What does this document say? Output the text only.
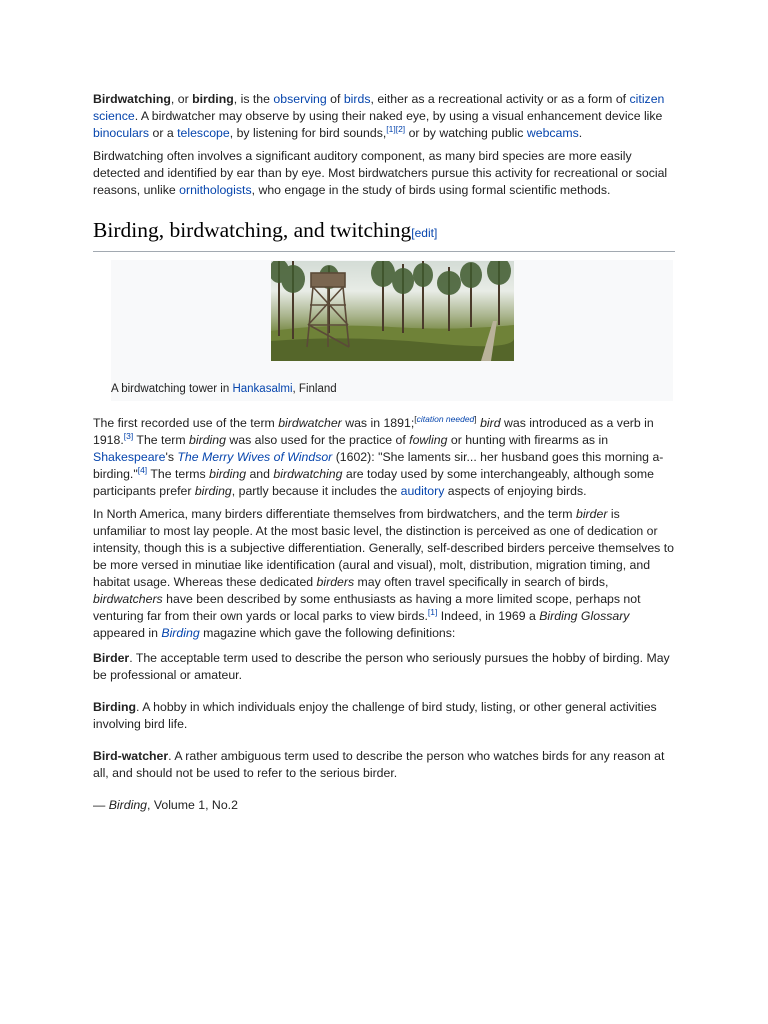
Birdwatching, or birding, is the observing of birds, either as a recreational activity or as a form of citizen science. A birdwatcher may observe by using their naked eye, by using a visual enhancement device like binoculars or a telescope, by listening for bird sounds,[1][2] or by watching public webcams.

Birdwatching often involves a significant auditory component, as many bird species are more easily detected and identified by ear than by eye. Most birdwatchers pursue this activity for recreational or social reasons, unlike ornithologists, who engage in the study of birds using formal scientific methods.

Birding, birdwatching, and twitching[edit]
A birdwatching tower in Hankasalmi, Finland

The first recorded use of the term birdwatcher was in 1891;[citation needed] bird was introduced as a verb in 1918.[3] The term birding was also used for the practice of fowling or hunting with firearms as in Shakespeare's The Merry Wives of Windsor (1602): "She laments sir... her husband goes this morning a-birding."[4] The terms birding and birdwatching are today used by some interchangeably, although some participants prefer birding, partly because it includes the auditory aspects of enjoying birds.

In North America, many birders differentiate themselves from birdwatchers, and the term birder is unfamiliar to most lay people. At the most basic level, the distinction is perceived as one of dedication or intensity, though this is a subjective differentiation. Generally, self-described birders perceive themselves to be more versed in minutiae like identification (aural and visual), molt, distribution, migration timing, and habitat usage. Whereas these dedicated birders may often travel specifically in search of birds, birdwatchers have been described by some enthusiasts as having a more limited scope, perhaps not venturing far from their own yards or local parks to view birds.[1] Indeed, in 1969 a Birding Glossary appeared in Birding magazine which gave the following definitions:

Birder. The acceptable term used to describe the person who seriously pursues the hobby of birding. May be professional or amateur.

Birding. A hobby in which individuals enjoy the challenge of bird study, listing, or other general activities involving bird life.

Bird-watcher. A rather ambiguous term used to describe the person who watches birds for any reason at all, and should not be used to refer to the serious birder.

— Birding, Volume 1, No.2
